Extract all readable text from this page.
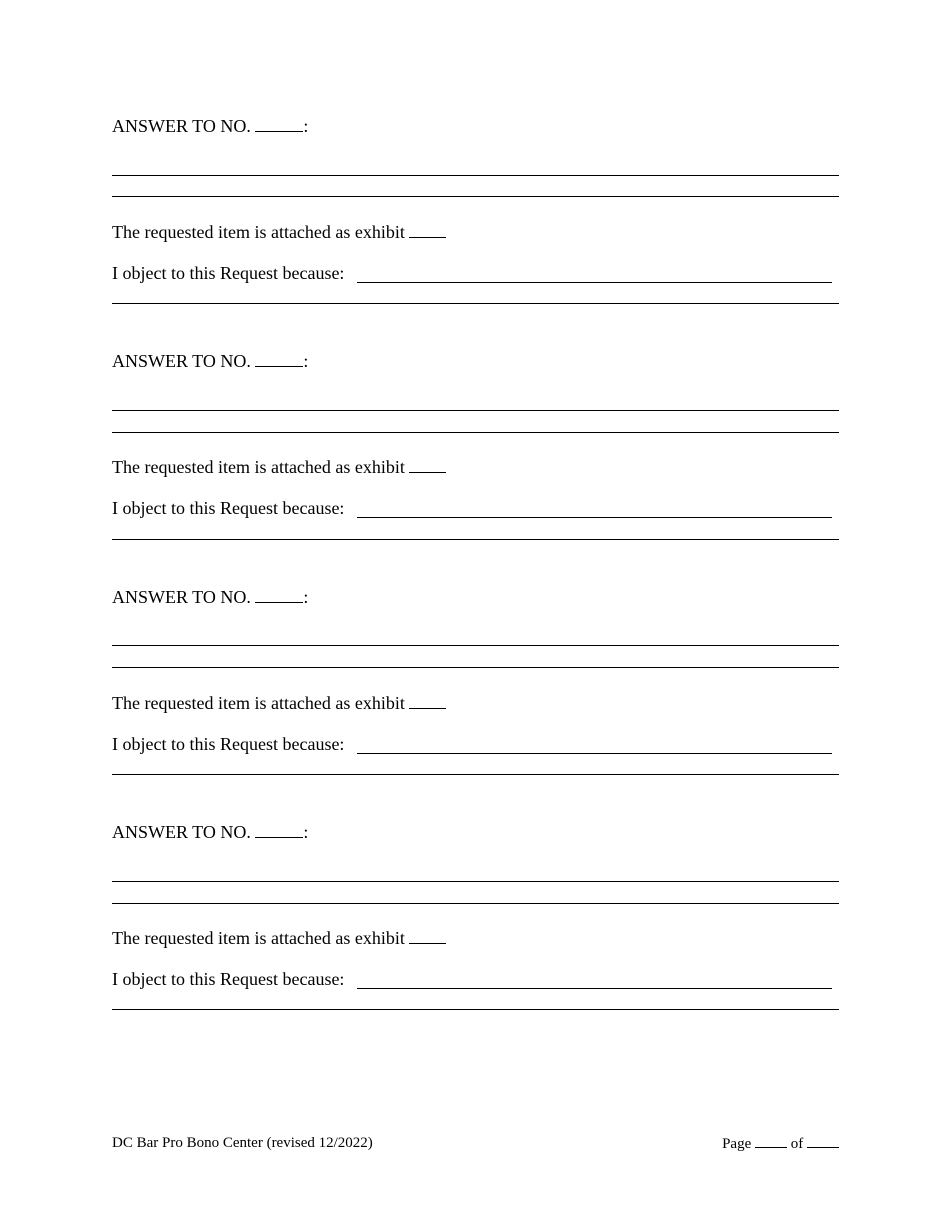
ANSWER TO NO.	:
The requested item is attached as exhibit
I object to this Request because:
ANSWER TO NO.	:
The requested item is attached as exhibit
I object to this Request because:
ANSWER TO NO.	:
The requested item is attached as exhibit
I object to this Request because:
ANSWER TO NO.	:
The requested item is attached as exhibit
I object to this Request because:
DC Bar Pro Bono Center (revised 12/2022)	Page	of
